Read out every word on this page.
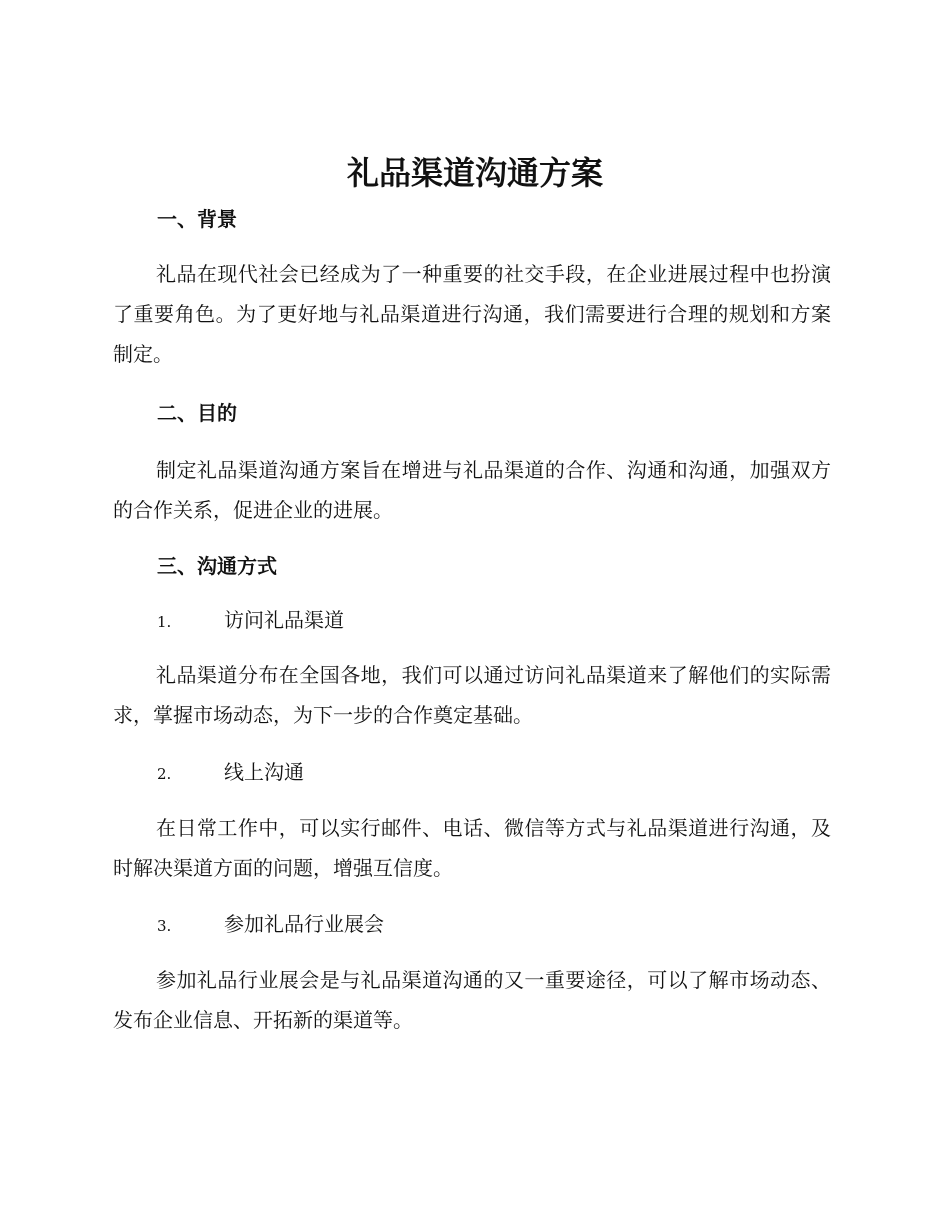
礼品渠道沟通方案
一、背景

礼品在现代社会已经成为了一种重要的社交手段，在企业进展过程中也扮演了重要角色。为了更好地与礼品渠道进行沟通，我们需要进行合理的规划和方案制定。

二、目的

制定礼品渠道沟通方案旨在增进与礼品渠道的合作、沟通和沟通，加强双方的合作关系，促进企业的进展。

三、沟通方式
1.	访问礼品渠道

礼品渠道分布在全国各地，我们可以通过访问礼品渠道来了解他们的实际需求，掌握市场动态，为下一步的合作奠定基础。

2.	线上沟通

在日常工作中，可以实行邮件、电话、微信等方式与礼品渠道进行沟通，及时解决渠道方面的问题，增强互信度。

3.	参加礼品行业展会

参加礼品行业展会是与礼品渠道沟通的又一重要途径，可以了解市场动态、发布企业信息、开拓新的渠道等。
